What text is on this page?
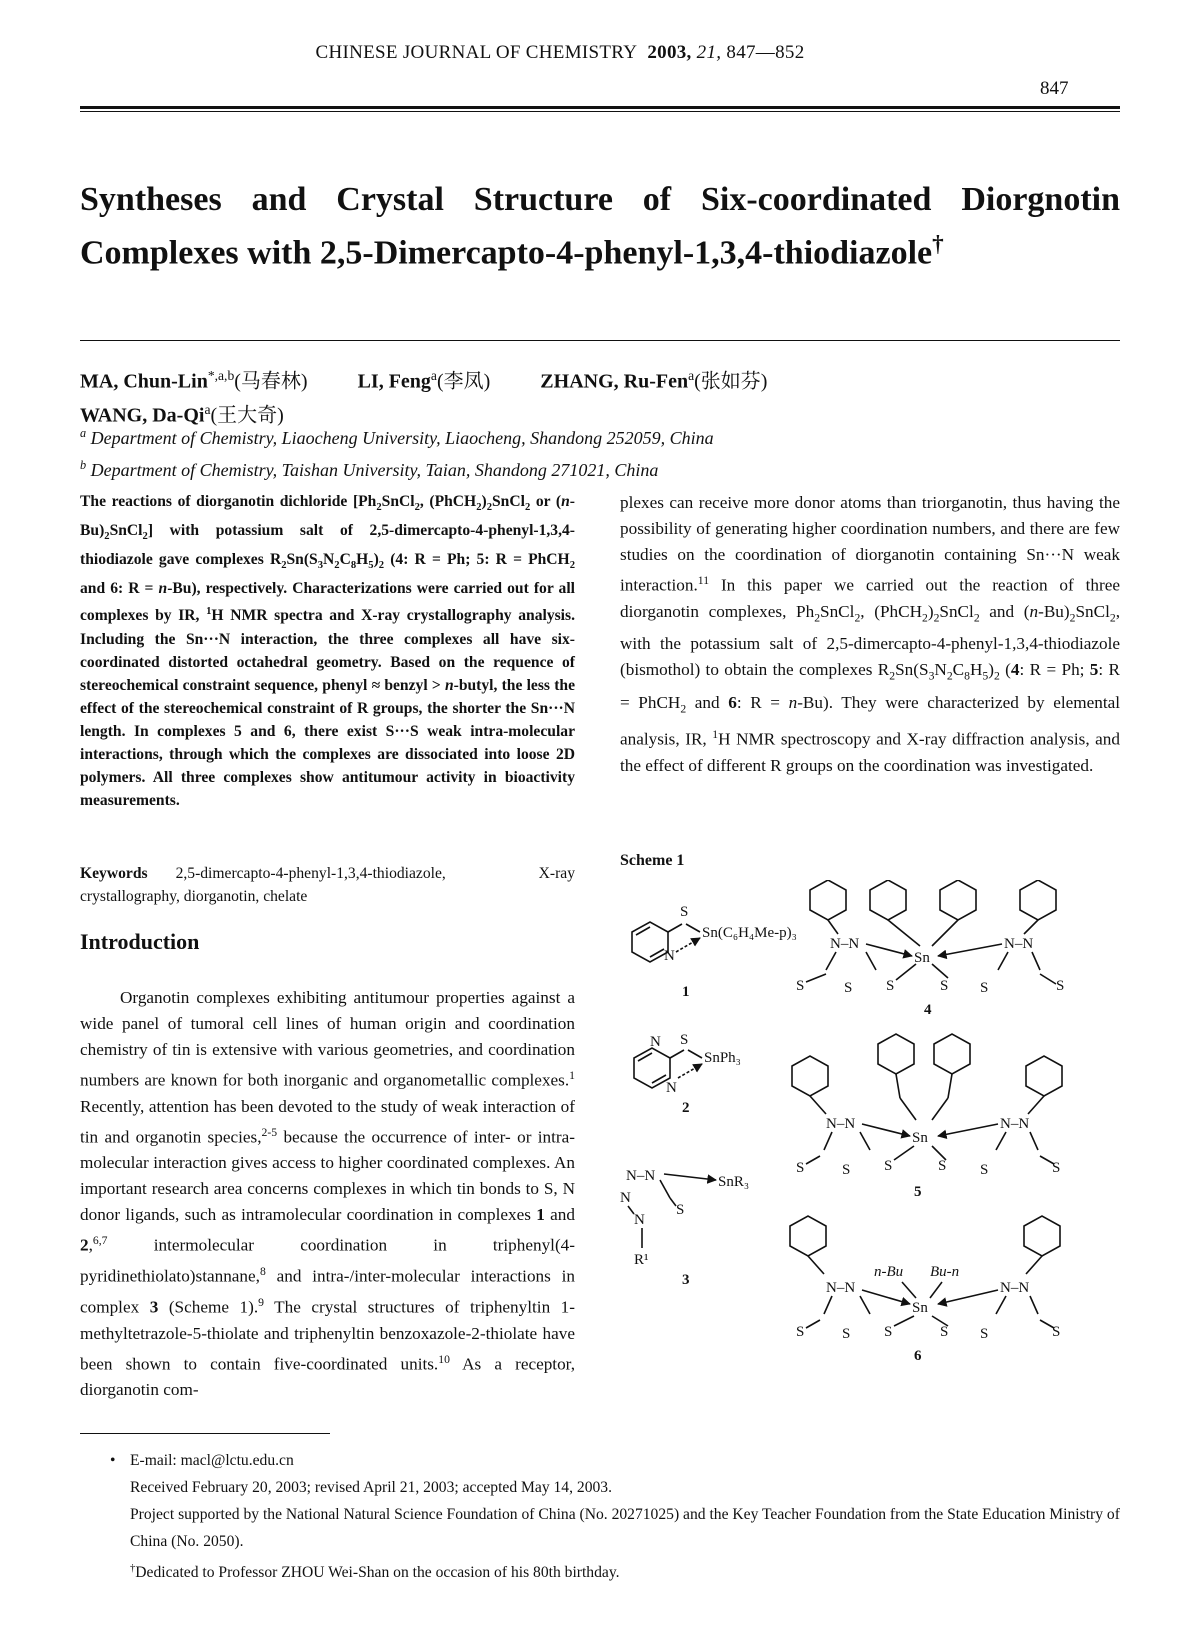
CHINESE JOURNAL OF CHEMISTRY 2003, 21, 847—852
847
Syntheses and Crystal Structure of Six-coordinated Diorgnotin
Complexes with 2,5-Dimercapto-4-phenyl-1,3,4-thiodiazole†
MA, Chun-Lin$^{*,a,b}$(马春林)	LI, Feng$^a$(李凤)	ZHANG, Ru-Fen$^a$(张如芬)
WANG, Da-Qi$^a$(王大奇)
$^a$ Department of Chemistry, Liaocheng University, Liaocheng, Shandong 252059, China
$^b$ Department of Chemistry, Taishan University, Taian, Shandong 271021, China
The reactions of diorganotin dichloride [$Ph_2SnCl_2$, $(PhCH_2)_2SnCl_2$ or $(n-Bu)_2SnCl_2$] with potassium salt of 2,5-dimercapto-4-phenyl-1,3,4-thiodiazole gave complexes $R_2Sn(S_3N_2C_8H_5)_2$ (4: R = Ph; 5: R = PhCH$_2$ and 6: R = n-Bu), respectively. Characterizations were carried out for all complexes by IR, $^1$H NMR spectra and X-ray crystallography analysis. Including the Sn···N interaction, the three complexes all have six-coordinated distorted octahedral geometry. Based on the requence of stereochemical constraint sequence, phenyl ≈ benzyl > n-butyl, the less the effect of the stereochemical constraint of R groups, the shorter the Sn···N length. In complexes 5 and 6, there exist S···S weak intra-molecular interactions, through which the complexes are dissociated into loose 2D polymers. All three complexes show antitumour activity in bioactivity measurements.
Keywords 2,5-dimercapto-4-phenyl-1,3,4-thiodiazole, X-ray crystallography, diorganotin, chelate
Introduction

Organotin complexes exhibiting antitumour properties against a wide panel of tumoral cell lines of human origin and coordination chemistry of tin is extensive with various geometries, and coordination numbers are known for both inorganic and organometallic complexes.$^1$ Recently, attention has been devoted to the study of weak interaction of tin and organotin species,$^{2-5}$ because the occurrence of inter- or intra-molecular interaction gives access to higher coordinated complexes. An important research area concerns complexes in which tin bonds to S, N donor ligands, such as intramolecular coordination in complexes 1 and 2,$^{6,7}$ intermolecular coordination in triphenyl(4-pyridinethiolato)stannane,$^8$ and intra-/inter-molecular interactions in complex 3 (Scheme 1).$^9$ The crystal structures of triphenyltin 1-methyltetrazole-5-thiolate and triphenyltin benzoxazole-2-thiolate have been shown to contain five-coordinated units.$^{10}$ As a receptor, diorganotin com-

plexes can receive more donor atoms than triorganotin, thus having the possibility of generating higher coordination numbers, and there are few studies on the coordination of diorganotin containing Sn···N weak interaction.$^{11}$ In this paper we carried out the reaction of three diorganotin complexes, $Ph_2SnCl_2$, $(PhCH_2)_2SnCl_2$ and $(n-Bu)_2SnCl_2$, with the potassium salt of 2,5-dimercapto-4-phenyl-1,3,4-thiodiazole (bismothol) to obtain the complexes $R_2Sn(S_3N_2C_8H_5)_2$ (4: R = Ph; 5: R = PhCH$_2$ and 6: R = n-Bu). They were characterized by elemental analysis, IR, $^1$H NMR spectroscopy and X-ray diffraction analysis, and the effect of different R groups on the coordination was investigated.

Scheme 1
S
N
Sn(C₆H₄Me-p)₃
1
N S
N
SnPh₃
2
N–N
N
N
S
SnR₃
R¹
3
N–N	N–N
Sn
S	S S	S S	S
4
N–N	N–N
Sn
S	S S	S S	S
5
n-Bu Bu-n
N–N	N–N
Sn
S	S S	S S	S
6
• E-mail: macl@lctu.edu.cn
Received February 20, 2003; revised April 21, 2003; accepted May 14, 2003.
Project supported by the National Natural Science Foundation of China (No. 20271025) and the Key Teacher Foundation from the State Education Ministry of China (No. 2050).
†Dedicated to Professor ZHOU Wei-Shan on the occasion of his 80th birthday.
